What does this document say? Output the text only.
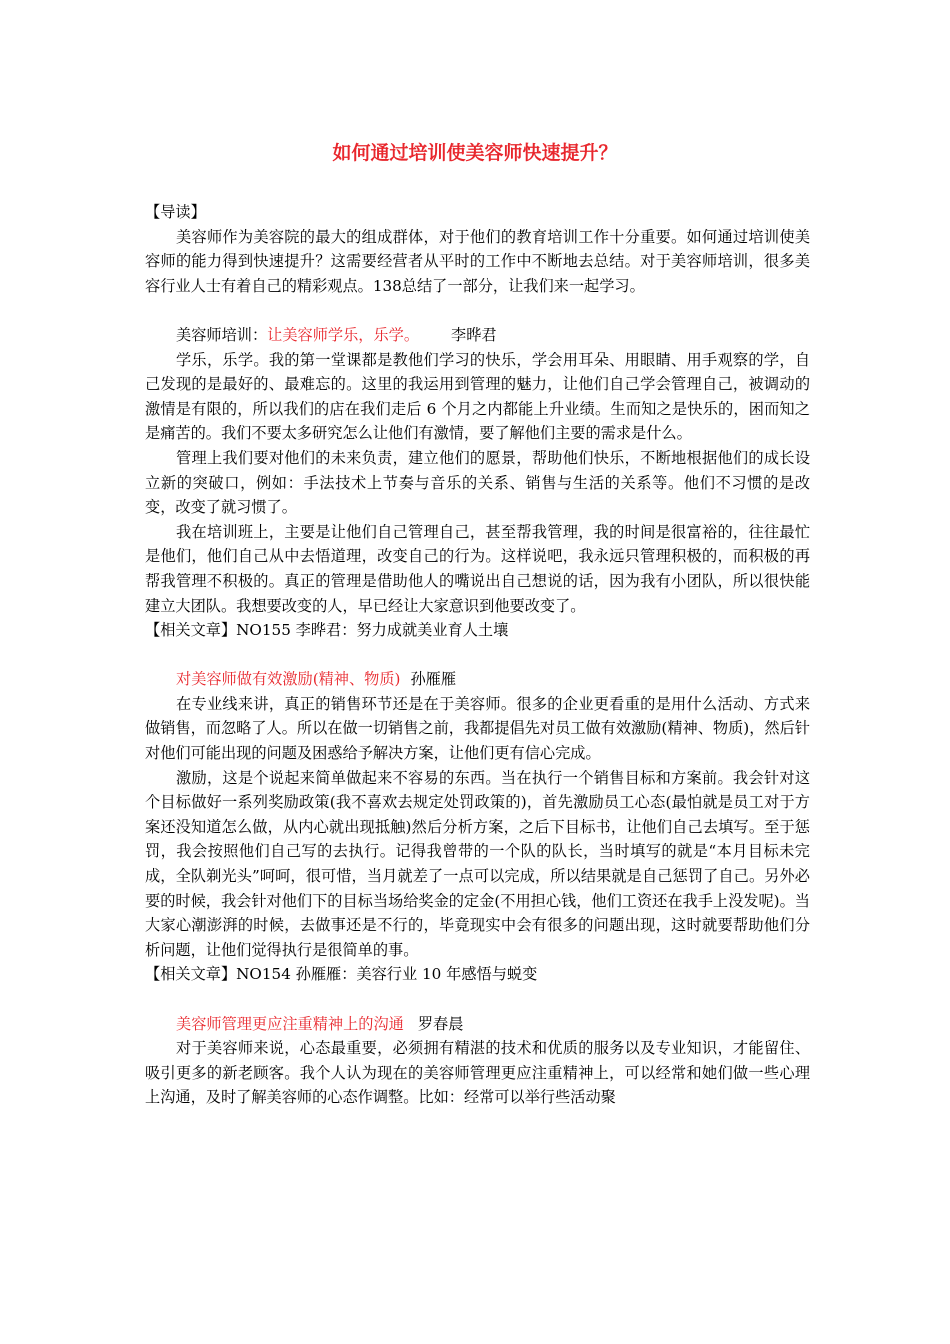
如何通过培训使美容师快速提升？

【导读】

美容师作为美容院的最大的组成群体，对于他们的教育培训工作十分重要。如何通过培训使美容师的能力得到快速提升？这需要经营者从平时的工作中不断地去总结。对于美容师培训，很多美容行业人士有着自己的精彩观点。138总结了一部分，让我们来一起学习。

美容师培训：让美容师学乐，乐学。 李晔君

学乐，乐学。我的第一堂课都是教他们学习的快乐，学会用耳朵、用眼睛、用手观察的学，自己发现的是最好的、最难忘的。这里的我运用到管理的魅力，让他们自己学会管理自己，被调动的激情是有限的，所以我们的店在我们走后 6 个月之内都能上升业绩。生而知之是快乐的，困而知之是痛苦的。我们不要太多研究怎么让他们有激情，要了解他们主要的需求是什么。

管理上我们要对他们的未来负责，建立他们的愿景，帮助他们快乐，不断地根据他们的成长设立新的突破口，例如：手法技术上节奏与音乐的关系、销售与生活的关系等。他们不习惯的是改变，改变了就习惯了。

我在培训班上，主要是让他们自己管理自己，甚至帮我管理，我的时间是很富裕的，往往最忙是他们，他们自己从中去悟道理，改变自己的行为。这样说吧，我永远只管理积极的，而积极的再帮我管理不积极的。真正的管理是借助他人的嘴说出自己想说的话，因为我有小团队，所以很快能建立大团队。我想要改变的人，早已经让大家意识到他要改变了。

【相关文章】NO155 李晔君：努力成就美业育人土壤

对美容师做有效激励(精神、物质) 孙雁雁

在专业线来讲，真正的销售环节还是在于美容师。很多的企业更看重的是用什么活动、方式来做销售，而忽略了人。所以在做一切销售之前，我都提倡先对员工做有效激励(精神、物质)，然后针对他们可能出现的问题及困惑给予解决方案，让他们更有信心完成。

激励，这是个说起来简单做起来不容易的东西。当在执行一个销售目标和方案前。我会针对这个目标做好一系列奖励政策(我不喜欢去规定处罚政策的)，首先激励员工心态(最怕就是员工对于方案还没知道怎么做，从内心就出现抵触)然后分析方案，之后下目标书，让他们自己去填写。至于惩罚，我会按照他们自己写的去执行。记得我曾带的一个队的队长，当时填写的就是“本月目标未完成，全队剃光头”呵呵，很可惜，当月就差了一点可以完成，所以结果就是自己惩罚了自己。另外必要的时候，我会针对他们下的目标当场给奖金的定金(不用担心钱，他们工资还在我手上没发呢)。当大家心潮澎湃的时候，去做事还是不行的，毕竟现实中会有很多的问题出现，这时就要帮助他们分析问题，让他们觉得执行是很简单的事。

【相关文章】NO154 孙雁雁：美容行业 10 年感悟与蜕变

美容师管理更应注重精神上的沟通 罗春晨

对于美容师来说，心态最重要，必须拥有精湛的技术和优质的服务以及专业知识，才能留住、吸引更多的新老顾客。我个人认为现在的美容师管理更应注重精神上，可以经常和她们做一些心理上沟通，及时了解美容师的心态作调整。比如：经常可以举行些活动聚
